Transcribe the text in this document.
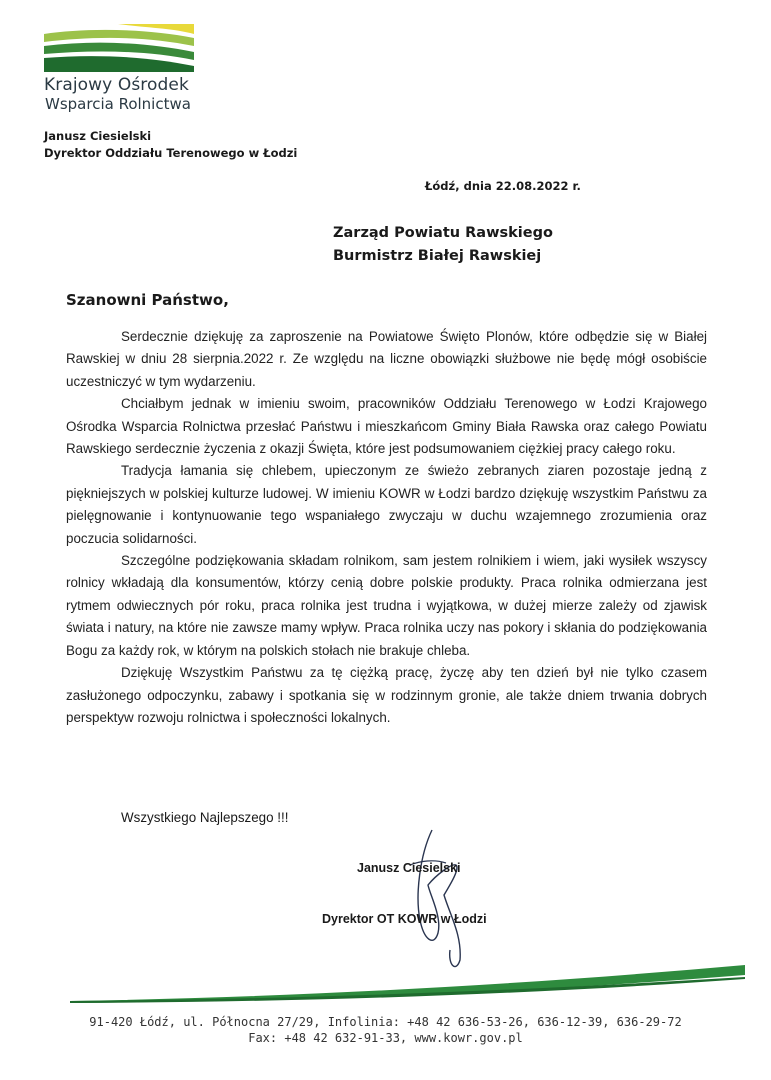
Krajowy Ośrodek
Wsparcia Rolnictwa
Janusz Ciesielski
Dyrektor Oddziału Terenowego w Łodzi
Łódź, dnia 22.08.2022 r.
Zarząd Powiatu Rawskiego
Burmistrz Białej Rawskiej
Szanowni Państwo,

Serdecznie dziękuję za zaproszenie na Powiatowe Święto Plonów, które odbędzie się w Białej Rawskiej w dniu 28 sierpnia.2022 r. Ze względu na liczne obowiązki służbowe nie będę mógł osobiście uczestniczyć w tym wydarzeniu.

Chciałbym jednak w imieniu swoim, pracowników Oddziału Terenowego w Łodzi Krajowego Ośrodka Wsparcia Rolnictwa przesłać Państwu i mieszkańcom Gminy Biała Rawska oraz całego Powiatu Rawskiego serdecznie życzenia z okazji Święta, które jest podsumowaniem ciężkiej pracy całego roku.

Tradycja łamania się chlebem, upieczonym ze świeżo zebranych ziaren pozostaje jedną z piękniejszych w polskiej kulturze ludowej. W imieniu KOWR w Łodzi bardzo dziękuję wszystkim Państwu za pielęgnowanie i kontynuowanie tego wspaniałego zwyczaju w duchu wzajemnego zrozumienia oraz poczucia solidarności.

Szczególne podziękowania składam rolnikom, sam jestem rolnikiem i wiem, jaki wysiłek wszyscy rolnicy wkładają dla konsumentów, którzy cenią dobre polskie produkty. Praca rolnika odmierzana jest rytmem odwiecznych pór roku, praca rolnika jest trudna i wyjątkowa, w dużej mierze zależy od zjawisk świata i natury, na które nie zawsze mamy wpływ. Praca rolnika uczy nas pokory i skłania do podziękowania Bogu za każdy rok, w którym na polskich stołach nie brakuje chleba.

Dziękuję Wszystkim Państwu za tę ciężką pracę, życzę aby ten dzień był nie tylko czasem zasłużonego odpoczynku, zabawy i spotkania się w rodzinnym gronie, ale także dniem trwania dobrych perspektyw rozwoju rolnictwa i społeczności lokalnych.

Wszystkiego Najlepszego !!!
Janusz Ciesielski
Dyrektor OT KOWR w Łodzi
91-420 Łódź, ul. Północna 27/29, Infolinia: +48 42 636-53-26, 636-12-39, 636-29-72
Fax: +48 42 632-91-33, www.kowr.gov.pl
